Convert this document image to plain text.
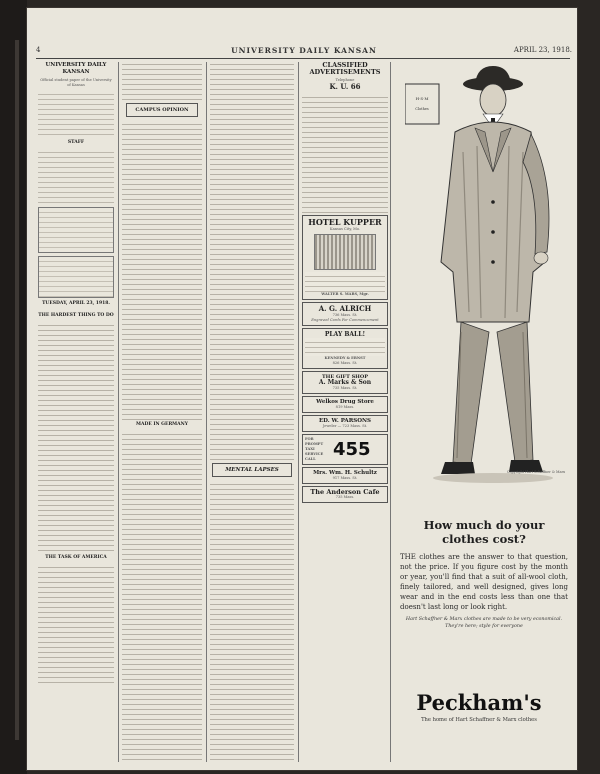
4	UNIVERSITY DAILY KANSAN	APRIL 23, 1918.
UNIVERSITY DAILY KANSAN
Official student paper of the University of Kansas
STAFF
TUESDAY, APRIL 23, 1918.
THE HARDEST THING TO DO
THE TASK OF AMERICA
CAMPUS OPINION
MADE IN GERMANY
MENTAL LAPSES
CLASSIFIED ADVERTISEMENTS
Telephone
K. U. 66
HOTEL KUPPER
Kansas City, Mo.
WALTER S. MARS, Mgr.
A. G. ALRICH
736 Mass. St.
Engraved Cards For Commencement
PLAY BALL!
KENNEDY & ERNST
826 Mass. St.
THE GIFT SHOP
A. Marks & Son
735 Mass. St.
Welkos Drug Store
819 Mass.
ED. W. PARSONS
Jeweler — 723 Mass. St.
FOR PROMPT TAXI SERVICE CALL 455
Mrs. Wm. H. Schultz
917 Mass. St.
The Anderson Cafe
735 Mass.
H·S·M
Clothes
Copyright Hart Schaffner & Marx
How much do your clothes cost?
THE clothes are the answer to that question, not the price. If you figure cost by the month or year, you'll find that a suit of all-wool cloth, finely tailored, and well designed, gives long wear and in the end costs less than one that doesn't last long or look right.
Hart Schaffner & Marx clothes are made to be very economical.
They're here; style for everyone
Peckham's
The home of Hart Schaffner & Marx clothes
